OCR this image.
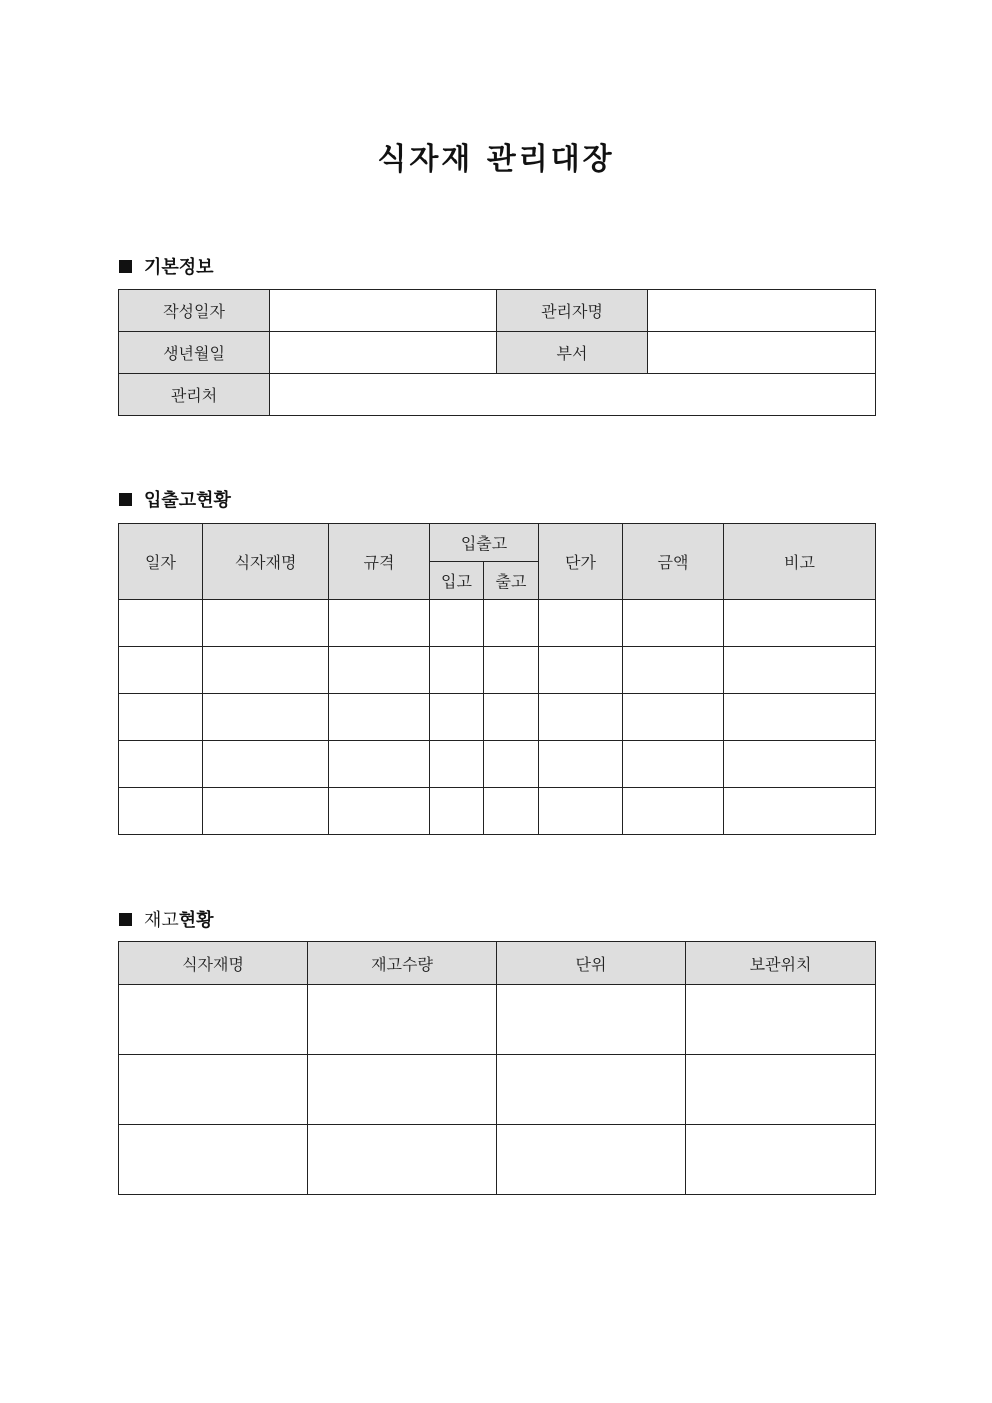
식자재 관리대장
기본정보
작성일자		관리자명	
생년월일		부서	
관리처			
입출고현황
일자	식자재명	규격	입출고		단가	금액	비고
			입고	출고			

재고 현황
식자재명	재고수량	단위	보관위치
